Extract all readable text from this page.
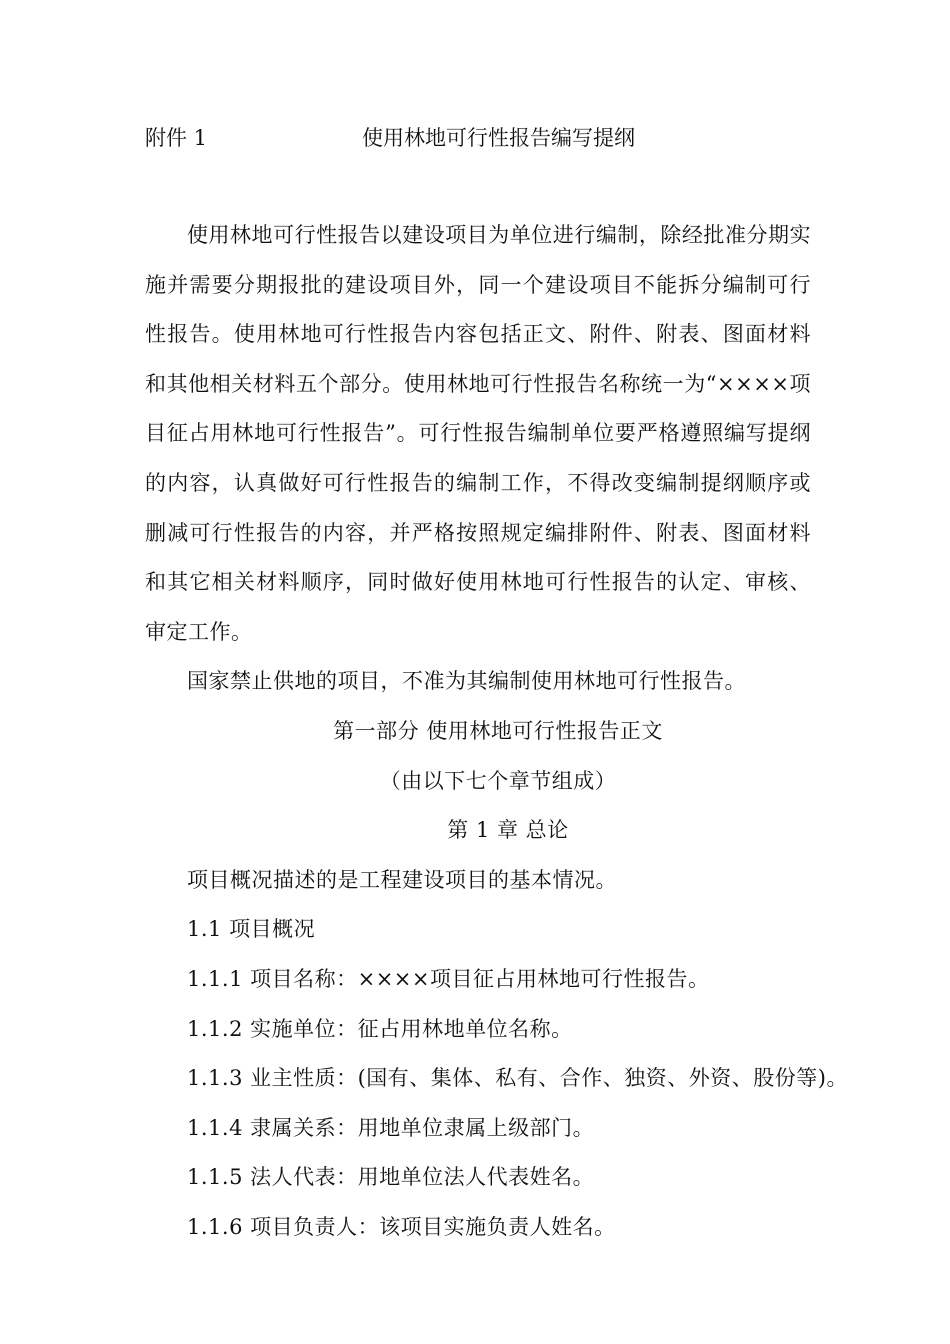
附件 1	使用林地可行性报告编写提纲

使用林地可行性报告以建设项目为单位进行编制，除经批准分期实施并需要分期报批的建设项目外，同一个建设项目不能拆分编制可行性报告。使用林地可行性报告内容包括正文、附件、附表、图面材料和其他相关材料五个部分。使用林地可行性报告名称统一为“××××项目征占用林地可行性报告”。可行性报告编制单位要严格遵照编写提纲的内容，认真做好可行性报告的编制工作，不得改变编制提纲顺序或删减可行性报告的内容，并严格按照规定编排附件、附表、图面材料和其它相关材料顺序，同时做好使用林地可行性报告的认定、审核、审定工作。

国家禁止供地的项目，不准为其编制使用林地可行性报告。

第一部分 使用林地可行性报告正文

（由以下七个章节组成）

第 1 章 总论

项目概况描述的是工程建设项目的基本情况。

1.1 项目概况

1.1.1 项目名称：××××项目征占用林地可行性报告。

1.1.2 实施单位：征占用林地单位名称。

1.1.3 业主性质：(国有、集体、私有、合作、独资、外资、股份等)。

1.1.4 隶属关系：用地单位隶属上级部门。

1.1.5 法人代表：用地单位法人代表姓名。

1.1.6 项目负责人：该项目实施负责人姓名。
